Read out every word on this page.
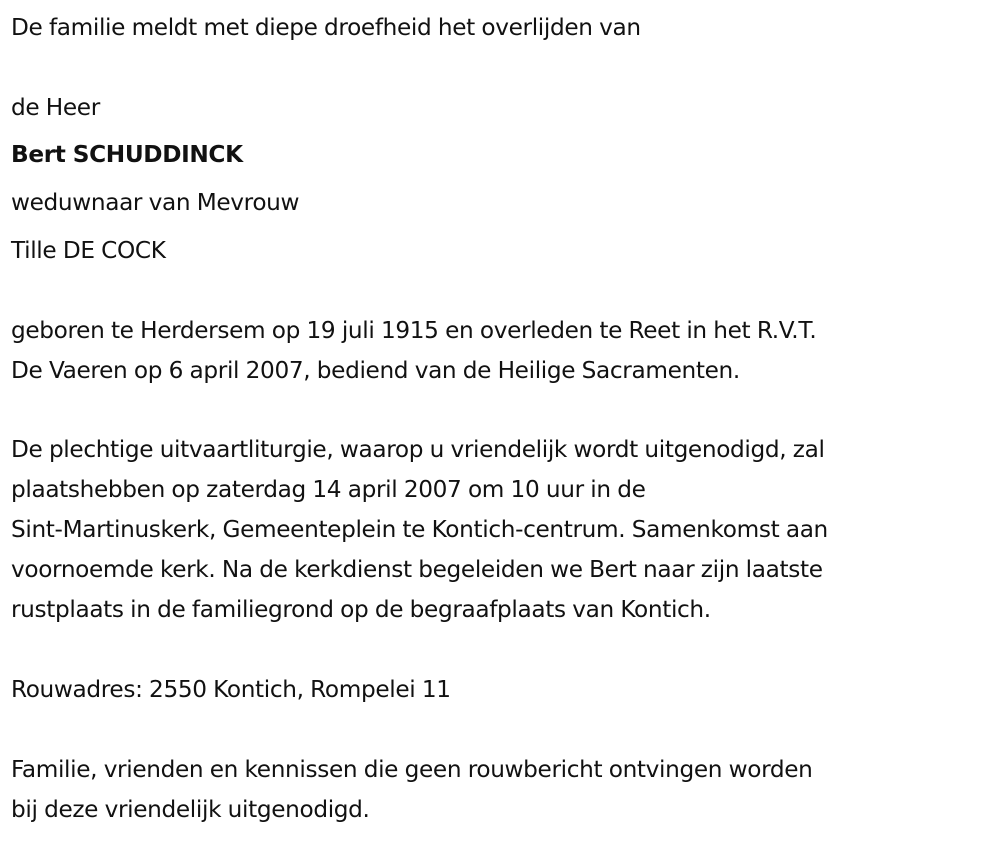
De familie meldt met diepe droefheid het overlijden van

de Heer

Bert SCHUDDINCK

weduwnaar van Mevrouw

Tille DE COCK

geboren te Herdersem op 19 juli 1915 en overleden te Reet in het R.V.T.
De Vaeren op 6 april 2007, bediend van de Heilige Sacramenten.
De plechtige uitvaartliturgie, waarop u vriendelijk wordt uitgenodigd, zal
plaatshebben op zaterdag 14 april 2007 om 10 uur in de
Sint-Martinuskerk, Gemeenteplein te Kontich-centrum. Samenkomst aan
voornoemde kerk. Na de kerkdienst begeleiden we Bert naar zijn laatste
rustplaats in de familiegrond op de begraafplaats van Kontich.

Rouwadres: 2550 Kontich, Rompelei 11

Familie, vrienden en kennissen die geen rouwbericht ontvingen worden
bij deze vriendelijk uitgenodigd.
